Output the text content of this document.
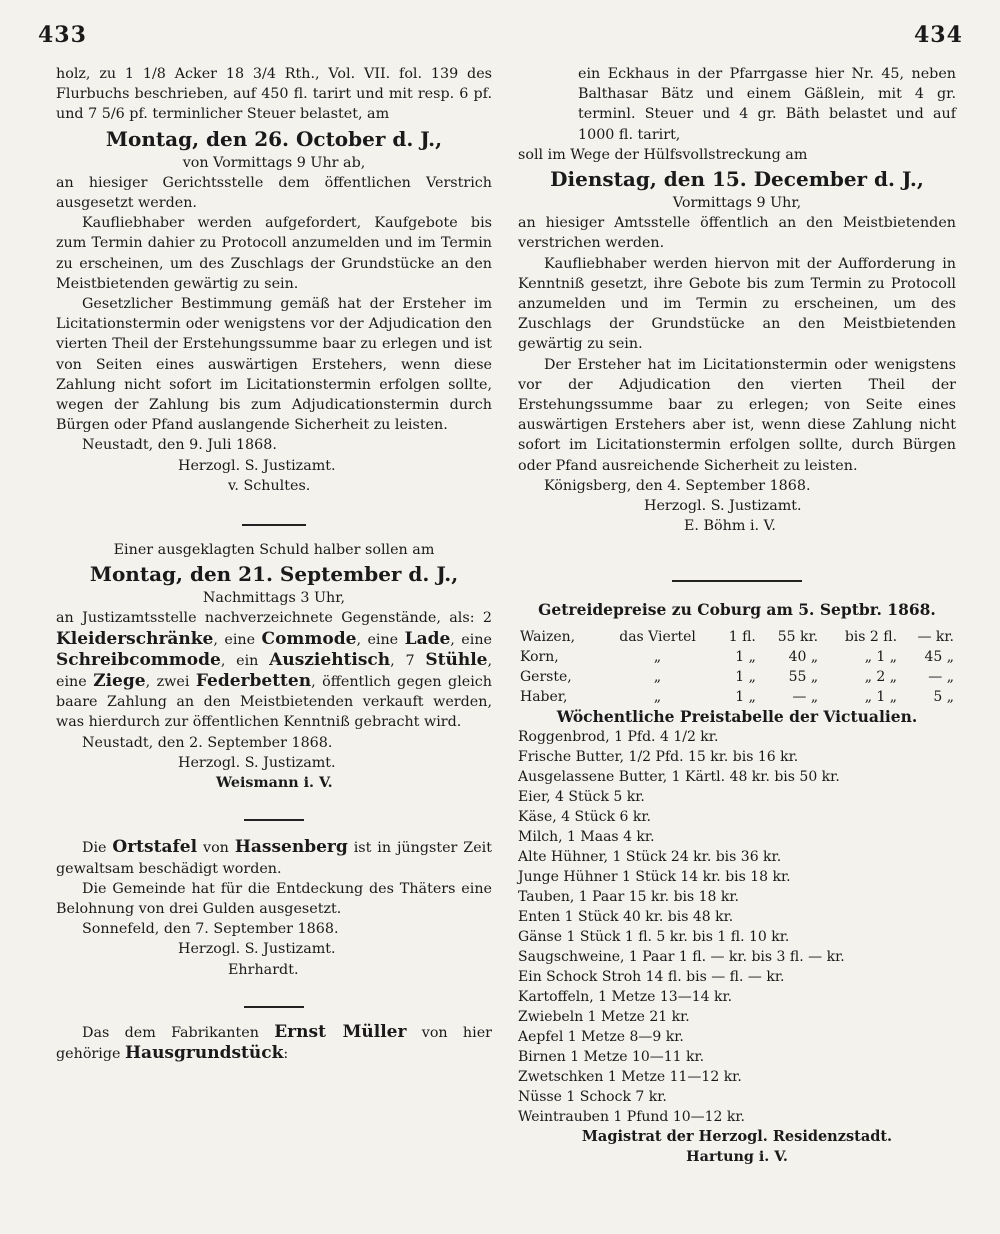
433	434

holz, zu 1 1/8 Acker 18 3/4 Rth., Vol. VII. fol. 139 des Flurbuchs beschrieben, auf 450 fl. tarirt und mit resp. 6 pf. und 7 5/6 pf. terminlicher Steuer belastet, am

Montag, den 26. October d. J.,

von Vormittags 9 Uhr ab,

an hiesiger Gerichtsstelle dem öffentlichen Verstrich ausgesetzt werden.

Kaufliebhaber werden aufgefordert, Kaufgebote bis zum Termin dahier zu Protocoll anzumelden und im Termin zu erscheinen, um des Zuschlags der Grundstücke an den Meistbietenden gewärtig zu sein.

Gesetzlicher Bestimmung gemäß hat der Ersteher im Licitationstermin oder wenigstens vor der Adjudication den vierten Theil der Erstehungssumme baar zu erlegen und ist von Seiten eines auswärtigen Erstehers, wenn diese Zahlung nicht sofort im Licitationstermin erfolgen sollte, wegen der Zahlung bis zum Adjudicationstermin durch Bürgen oder Pfand auslangende Sicherheit zu leisten.

Neustadt, den 9. Juli 1868.

Herzogl. S. Justizamt.

v. Schultes.

Einer ausgeklagten Schuld halber sollen am

Montag, den 21. September d. J.,

Nachmittags 3 Uhr,

an Justizamtsstelle nachverzeichnete Gegenstände, als: 2 Kleiderschränke, eine Commode, eine Lade, eine Schreibcommode, ein Ausziehtisch, 7 Stühle, eine Ziege, zwei Federbetten, öffentlich gegen gleich baare Zahlung an den Meistbietenden verkauft werden, was hierdurch zur öffentlichen Kenntniß gebracht wird.

Neustadt, den 2. September 1868.

Herzogl. S. Justizamt.

Weismann i. V.

Die Ortstafel von Hassenberg ist in jüngster Zeit gewaltsam beschädigt worden.

Die Gemeinde hat für die Entdeckung des Thäters eine Belohnung von drei Gulden ausgesetzt.

Sonnefeld, den 7. September 1868.

Herzogl. S. Justizamt.

Ehrhardt.

Das dem Fabrikanten Ernst Müller von hier gehörige Hausgrundstück:

ein Eckhaus in der Pfarrgasse hier Nr. 45, neben Balthasar Bätz und einem Gäßlein, mit 4 gr. terminl. Steuer und 4 gr. Bäth belastet und auf 1000 fl. tarirt,

soll im Wege der Hülfsvollstreckung am

Dienstag, den 15. December d. J.,

Vormittags 9 Uhr,

an hiesiger Amtsstelle öffentlich an den Meistbietenden verstrichen werden.

Kaufliebhaber werden hiervon mit der Aufforderung in Kenntniß gesetzt, ihre Gebote bis zum Termin zu Protocoll anzumelden und im Termin zu erscheinen, um des Zuschlags der Grundstücke an den Meistbietenden gewärtig zu sein.

Der Ersteher hat im Licitationstermin oder wenigstens vor der Adjudication den vierten Theil der Erstehungssumme baar zu erlegen; von Seite eines auswärtigen Erstehers aber ist, wenn diese Zahlung nicht sofort im Licitationstermin erfolgen sollte, durch Bürgen oder Pfand ausreichende Sicherheit zu leisten.

Königsberg, den 4. September 1868.

Herzogl. S. Justizamt.

E. Böhm i. V.

Getreidepreise zu Coburg am 5. Septbr. 1868.

Waizen,	das Viertel	1 fl.	55 kr.	bis 2 fl.	— kr.
Korn,	„	1 „	40 „	„ 1 „	45 „
Gerste,	„	1 „	55 „	„ 2 „	— „
Haber,	„	1 „	— „	„ 1 „	5 „

Wöchentliche Preistabelle der Victualien.

Roggenbrod, 1 Pfd. 4 1/2 kr.

Frische Butter, 1/2 Pfd. 15 kr. bis 16 kr.

Ausgelassene Butter, 1 Kärtl. 48 kr. bis 50 kr.

Eier, 4 Stück 5 kr.

Käse, 4 Stück 6 kr.

Milch, 1 Maas 4 kr.

Alte Hühner, 1 Stück 24 kr. bis 36 kr.

Junge Hühner 1 Stück 14 kr. bis 18 kr.

Tauben, 1 Paar 15 kr. bis 18 kr.

Enten 1 Stück 40 kr. bis 48 kr.

Gänse 1 Stück 1 fl. 5 kr. bis 1 fl. 10 kr.

Saugschweine, 1 Paar 1 fl. — kr. bis 3 fl. — kr.

Ein Schock Stroh 14 fl. bis — fl. — kr.

Kartoffeln, 1 Metze 13—14 kr.

Zwiebeln 1 Metze 21 kr.

Aepfel 1 Metze 8—9 kr.

Birnen 1 Metze 10—11 kr.

Zwetschken 1 Metze 11—12 kr.

Nüsse 1 Schock 7 kr.

Weintrauben 1 Pfund 10—12 kr.

Magistrat der Herzogl. Residenzstadt.

Hartung i. V.
